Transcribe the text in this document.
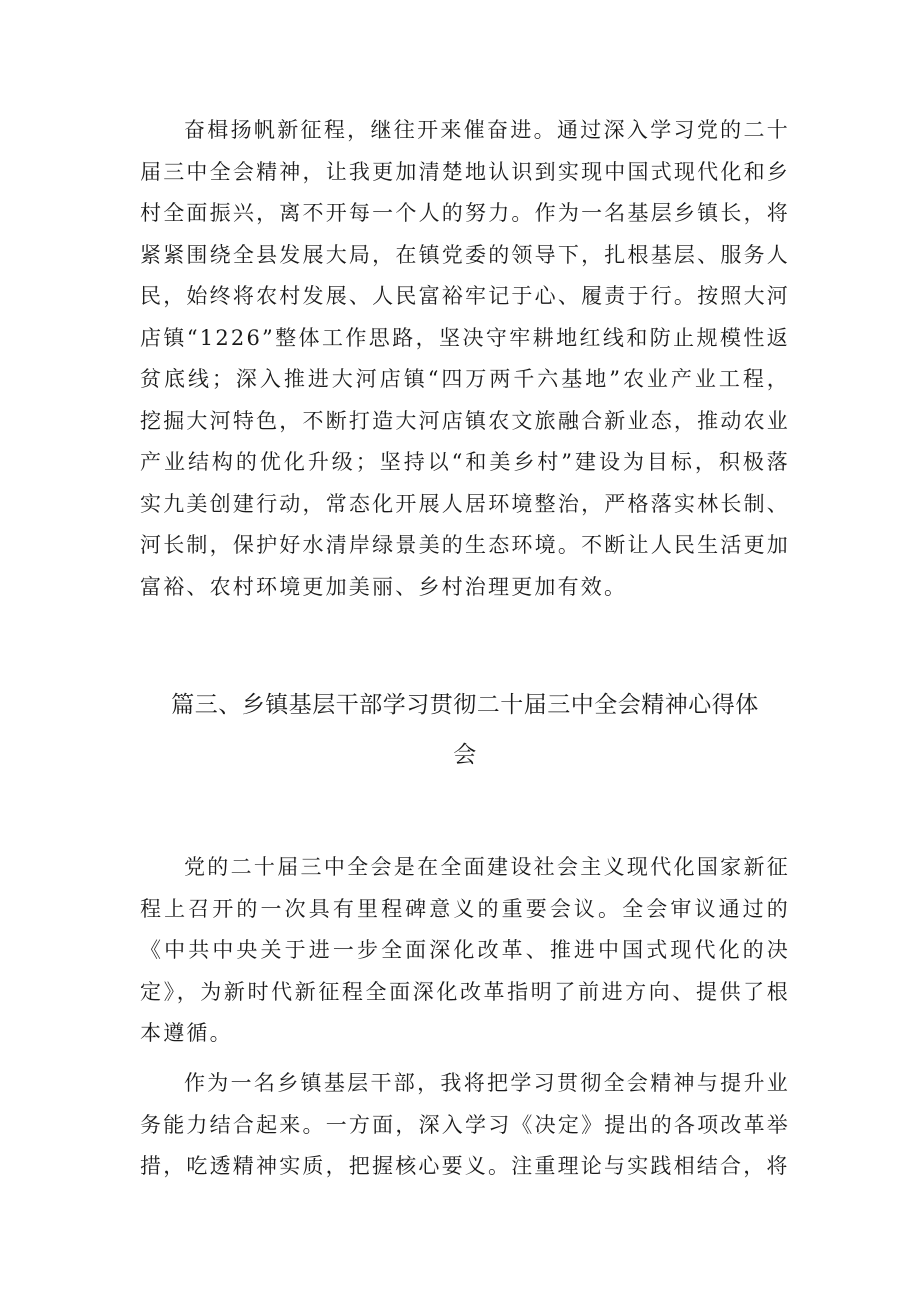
奋楫扬帆新征程，继往开来催奋进。通过深入学习党的二十届三中全会精神，让我更加清楚地认识到实现中国式现代化和乡村全面振兴，离不开每一个人的努力。作为一名基层乡镇长，将紧紧围绕全县发展大局，在镇党委的领导下，扎根基层、服务人民，始终将农村发展、人民富裕牢记于心、履责于行。按照大河店镇“1226”整体工作思路，坚决守牢耕地红线和防止规模性返贫底线；深入推进大河店镇“四万两千六基地”农业产业工程，挖掘大河特色，不断打造大河店镇农文旅融合新业态，推动农业产业结构的优化升级；坚持以“和美乡村”建设为目标，积极落实九美创建行动，常态化开展人居环境整治，严格落实林长制、河长制，保护好水清岸绿景美的生态环境。不断让人民生活更加富裕、农村环境更加美丽、乡村治理更加有效。

篇三、乡镇基层干部学习贯彻二十届三中全会精神心得体
会

党的二十届三中全会是在全面建设社会主义现代化国家新征程上召开的一次具有里程碑意义的重要会议。全会审议通过的《中共中央关于进一步全面深化改革、推进中国式现代化的决定》，为新时代新征程全面深化改革指明了前进方向、提供了根本遵循。

作为一名乡镇基层干部，我将把学习贯彻全会精神与提升业务能力结合起来。一方面，深入学习《决定》提出的各项改革举措，吃透精神实质，把握核心要义。注重理论与实践相结合，将
